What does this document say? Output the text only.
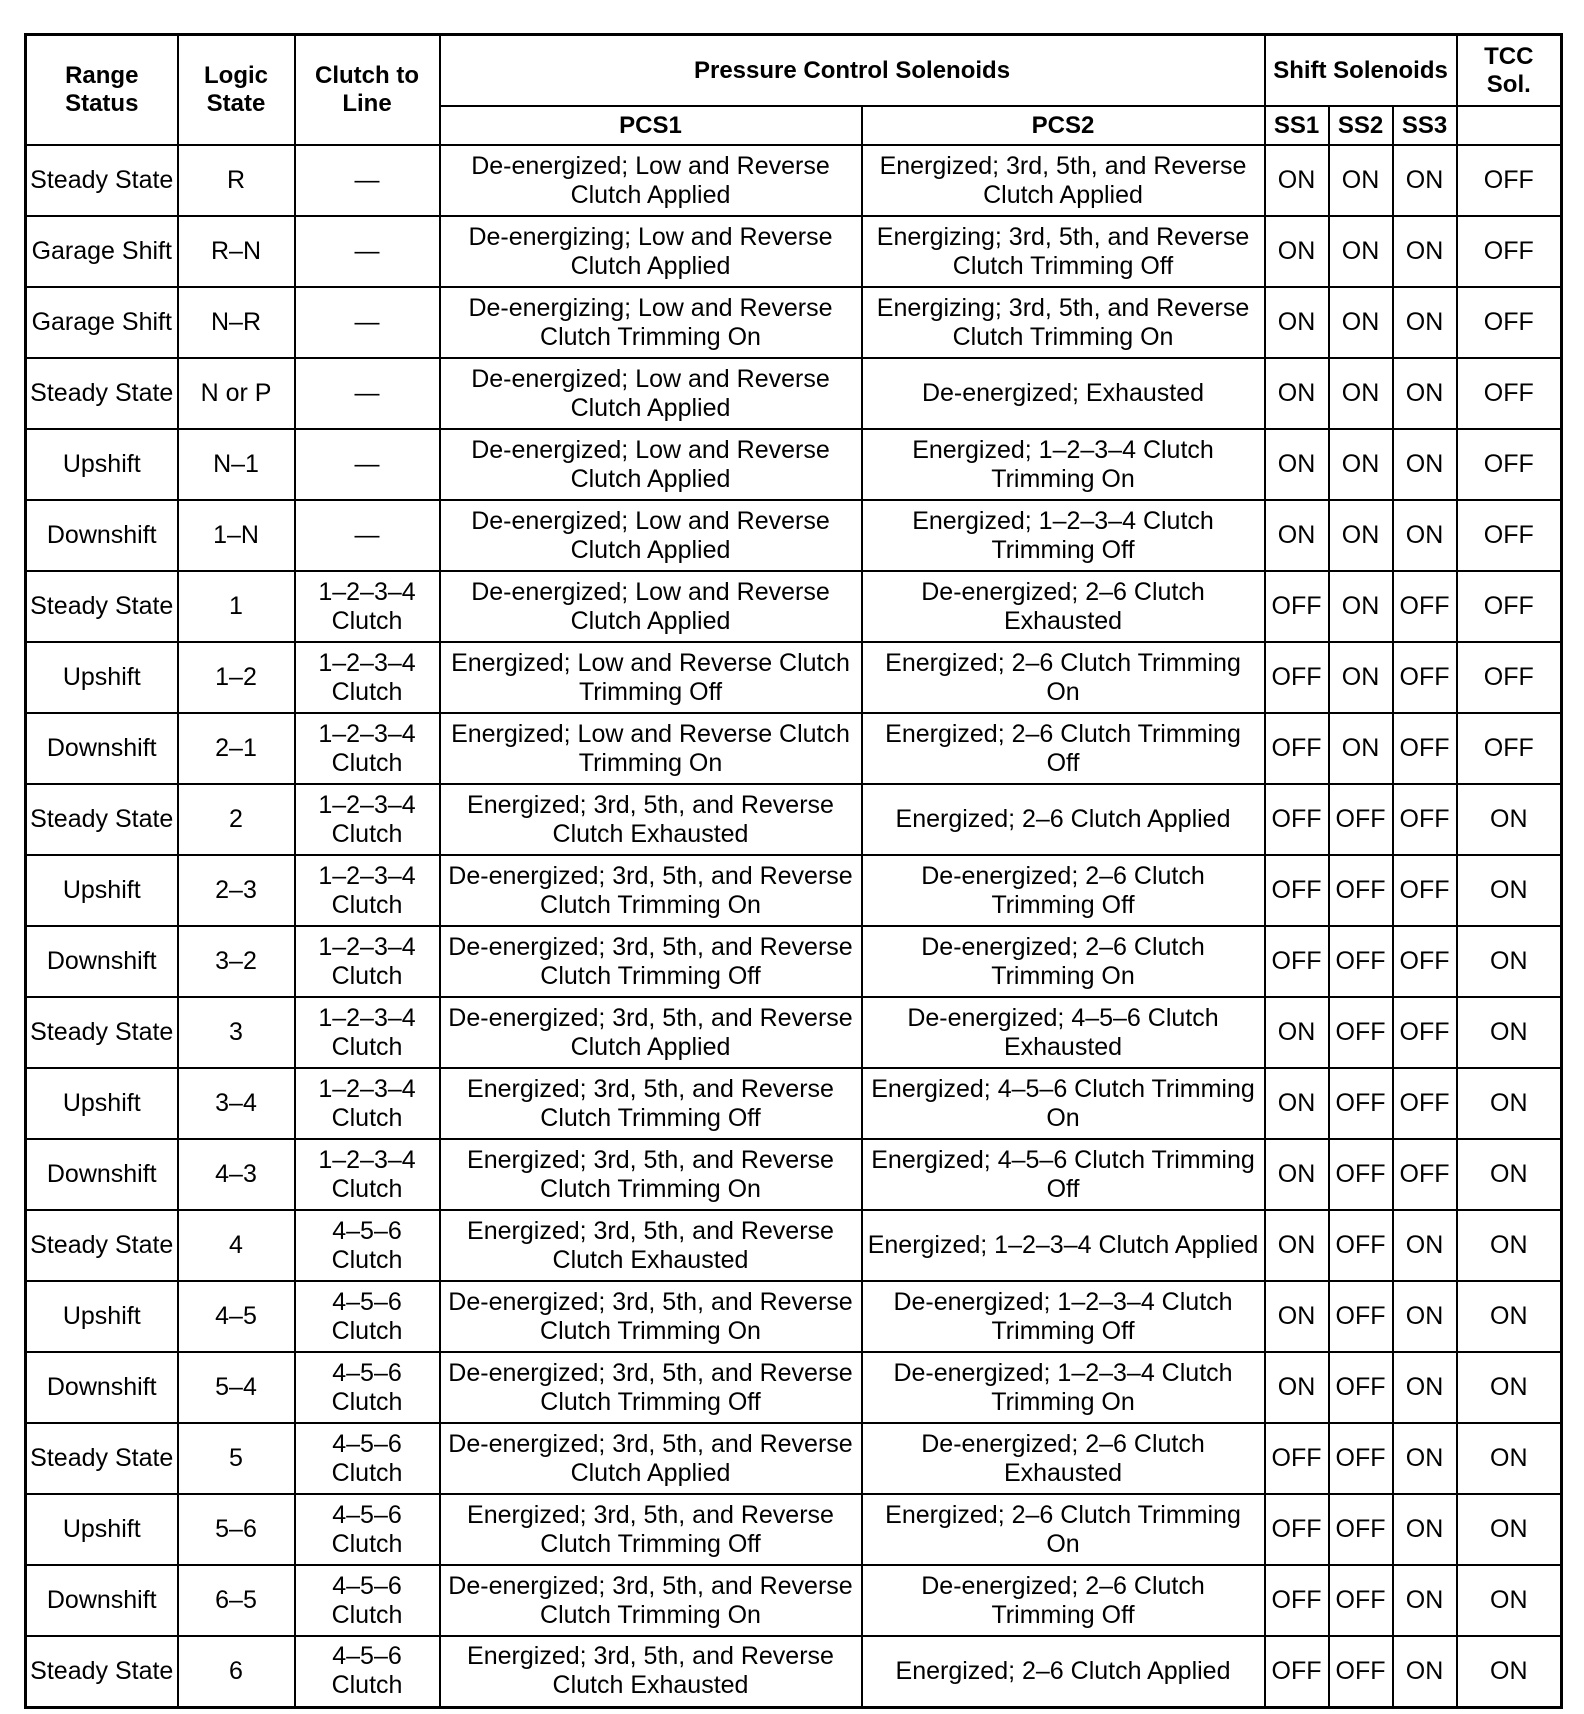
Range Status	Logic State	Clutch to Line	Pressure Control Solenoids		Shift Solenoids			TCC Sol.
			PCS1	PCS2	SS1	SS2	SS3	
Steady State	R	—	De-energized; Low and Reverse Clutch Applied	Energized; 3rd, 5th, and Reverse Clutch Applied	ON	ON	ON	OFF
Garage Shift	R–N	—	De-energizing; Low and Reverse Clutch Applied	Energizing; 3rd, 5th, and Reverse Clutch Trimming Off	ON	ON	ON	OFF
Garage Shift	N–R	—	De-energizing; Low and Reverse Clutch Trimming On	Energizing; 3rd, 5th, and Reverse Clutch Trimming On	ON	ON	ON	OFF
Steady State	N or P	—	De-energized; Low and Reverse Clutch Applied	De-energized; Exhausted	ON	ON	ON	OFF
Upshift	N–1	—	De-energized; Low and Reverse Clutch Applied	Energized; 1–2–3–4 Clutch Trimming On	ON	ON	ON	OFF
Downshift	1–N	—	De-energized; Low and Reverse Clutch Applied	Energized; 1–2–3–4 Clutch Trimming Off	ON	ON	ON	OFF
Steady State	1	1–2–3–4 Clutch	De-energized; Low and Reverse Clutch Applied	De-energized; 2–6 Clutch Exhausted	OFF	ON	OFF	OFF
Upshift	1–2	1–2–3–4 Clutch	Energized; Low and Reverse Clutch Trimming Off	Energized; 2–6 Clutch Trimming On	OFF	ON	OFF	OFF
Downshift	2–1	1–2–3–4 Clutch	Energized; Low and Reverse Clutch Trimming On	Energized; 2–6 Clutch Trimming Off	OFF	ON	OFF	OFF
Steady State	2	1–2–3–4 Clutch	Energized; 3rd, 5th, and Reverse Clutch Exhausted	Energized; 2–6 Clutch Applied	OFF	OFF	OFF	ON
Upshift	2–3	1–2–3–4 Clutch	De-energized; 3rd, 5th, and Reverse Clutch Trimming On	De-energized; 2–6 Clutch Trimming Off	OFF	OFF	OFF	ON
Downshift	3–2	1–2–3–4 Clutch	De-energized; 3rd, 5th, and Reverse Clutch Trimming Off	De-energized; 2–6 Clutch Trimming On	OFF	OFF	OFF	ON
Steady State	3	1–2–3–4 Clutch	De-energized; 3rd, 5th, and Reverse Clutch Applied	De-energized; 4–5–6 Clutch Exhausted	ON	OFF	OFF	ON
Upshift	3–4	1–2–3–4 Clutch	Energized; 3rd, 5th, and Reverse Clutch Trimming Off	Energized; 4–5–6 Clutch Trimming On	ON	OFF	OFF	ON
Downshift	4–3	1–2–3–4 Clutch	Energized; 3rd, 5th, and Reverse Clutch Trimming On	Energized; 4–5–6 Clutch Trimming Off	ON	OFF	OFF	ON
Steady State	4	4–5–6 Clutch	Energized; 3rd, 5th, and Reverse Clutch Exhausted	Energized; 1–2–3–4 Clutch Applied	ON	OFF	ON	ON
Upshift	4–5	4–5–6 Clutch	De-energized; 3rd, 5th, and Reverse Clutch Trimming On	De-energized; 1–2–3–4 Clutch Trimming Off	ON	OFF	ON	ON
Downshift	5–4	4–5–6 Clutch	De-energized; 3rd, 5th, and Reverse Clutch Trimming Off	De-energized; 1–2–3–4 Clutch Trimming On	ON	OFF	ON	ON
Steady State	5	4–5–6 Clutch	De-energized; 3rd, 5th, and Reverse Clutch Applied	De-energized; 2–6 Clutch Exhausted	OFF	OFF	ON	ON
Upshift	5–6	4–5–6 Clutch	Energized; 3rd, 5th, and Reverse Clutch Trimming Off	Energized; 2–6 Clutch Trimming On	OFF	OFF	ON	ON
Downshift	6–5	4–5–6 Clutch	De-energized; 3rd, 5th, and Reverse Clutch Trimming On	De-energized; 2–6 Clutch Trimming Off	OFF	OFF	ON	ON
Steady State	6	4–5–6 Clutch	Energized; 3rd, 5th, and Reverse Clutch Exhausted	Energized; 2–6 Clutch Applied	OFF	OFF	ON	ON
